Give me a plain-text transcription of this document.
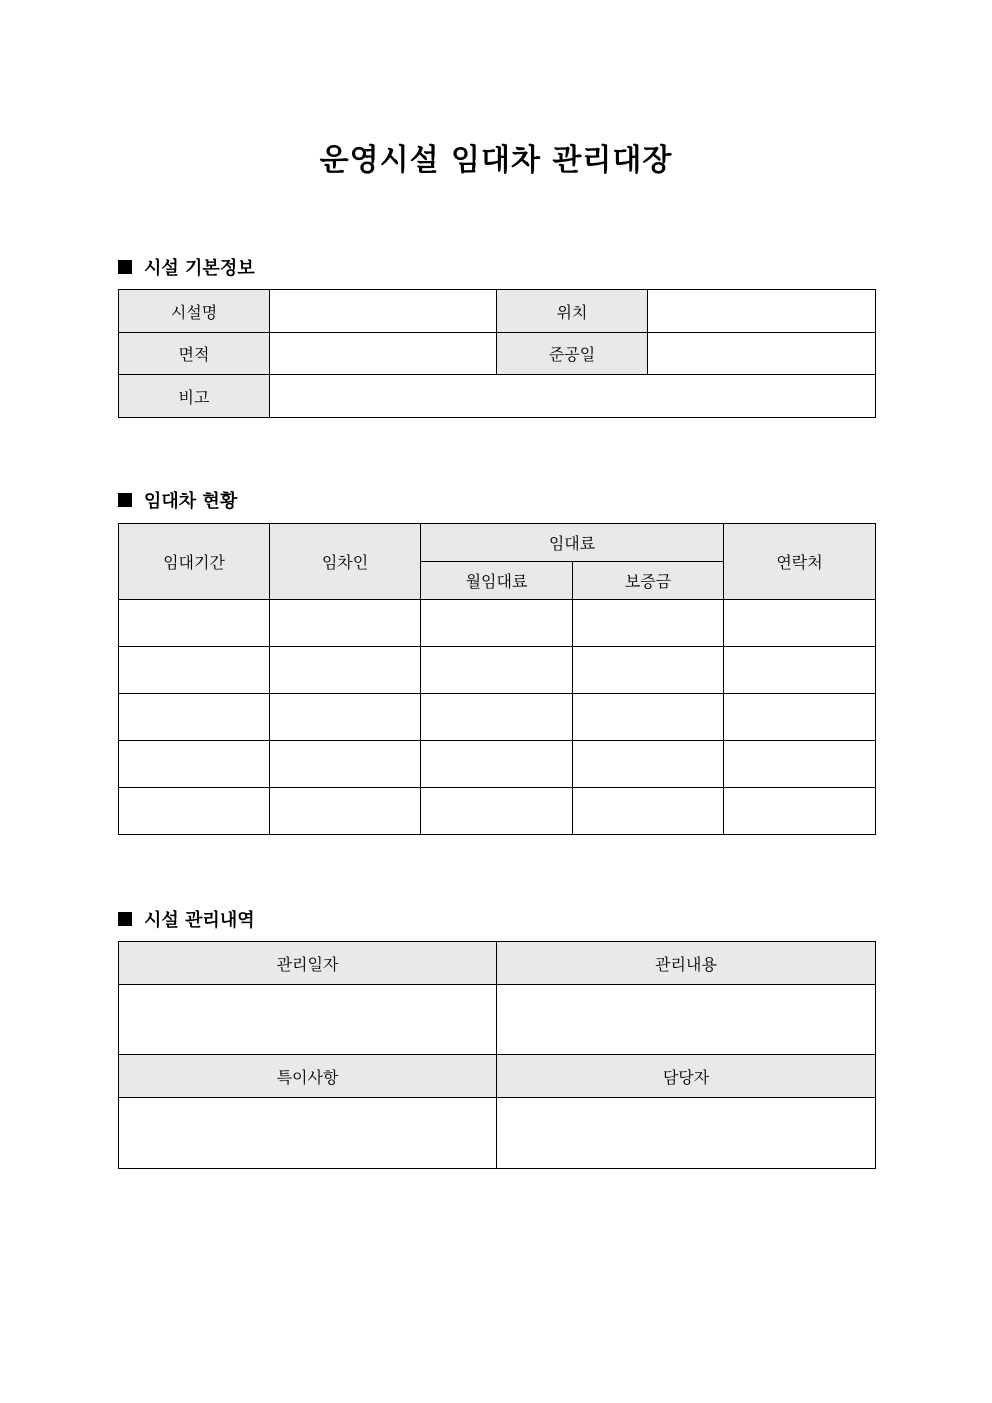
운영시설 임대차 관리대장
시설 기본정보
시설명		위치	
면적		준공일	
비고			
임대차 현황
임대기간	임차인	임대료		연락처
		월임대료	보증금	

시설 관리내역
관리일자	관리내용

특이사항	담당자
